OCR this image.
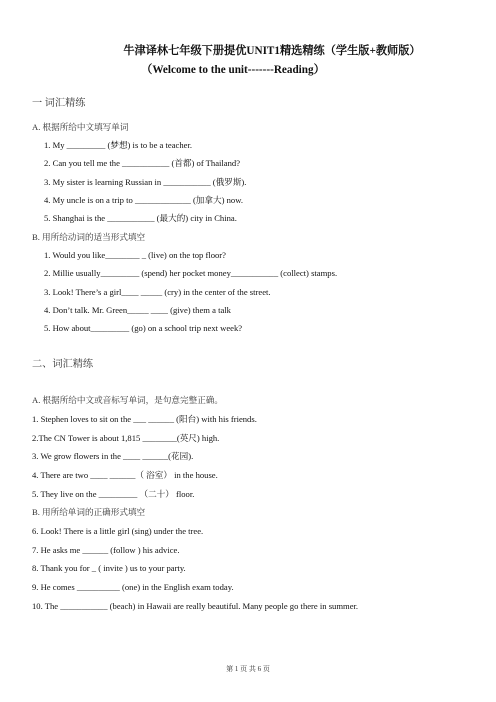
牛津译林七年级下册提优UNIT1精选精练（学生版+教师版）
（Welcome to the unit-------Reading）
一 词汇精练
A. 根据所给中文填写单词
1. My _________ (梦想) is to be a teacher.
2. Can you tell me the ___________ (首都) of Thailand?
3. My sister is learning Russian in ___________ (俄罗斯).
4. My uncle is on a trip to _____________ (加拿大) now.
5. Shanghai is the ___________ (最大的) city in China.
B. 用所给动词的适当形式填空
1. Would you like________ _ (live) on the top floor?
2. Millie usually_________ (spend) her pocket money___________ (collect) stamps.
3. Look! There’s a girl____ _____ (cry) in the center of the street.
4. Don’t talk. Mr. Green_____ ____ (give) them a talk
5. How about_________ (go) on a school trip next week?
二、词汇精练
A. 根据所给中文或音标写单词，是句意完整正确。
1. Stephen loves to sit on the ___ ______ (阳台) with his friends.
2.The CN Tower is about 1,815 ________(英尺) high.
3. We grow flowers in the ____ ______(花园).
4. There are two ____ ______（ 浴室） in the house.
5. They live on the _________ （二十） floor.
B. 用所给单词的正确形式填空
6. Look! There is a little girl (sing) under the tree.
7. He asks me ______ (follow ) his advice.
8. Thank you for _ ( invite ) us to your party.
9. He comes __________ (one) in the English exam today.
10. The ___________ (beach) in Hawaii are really beautiful. Many people go there in summer.
第 1 页 共 6 页
